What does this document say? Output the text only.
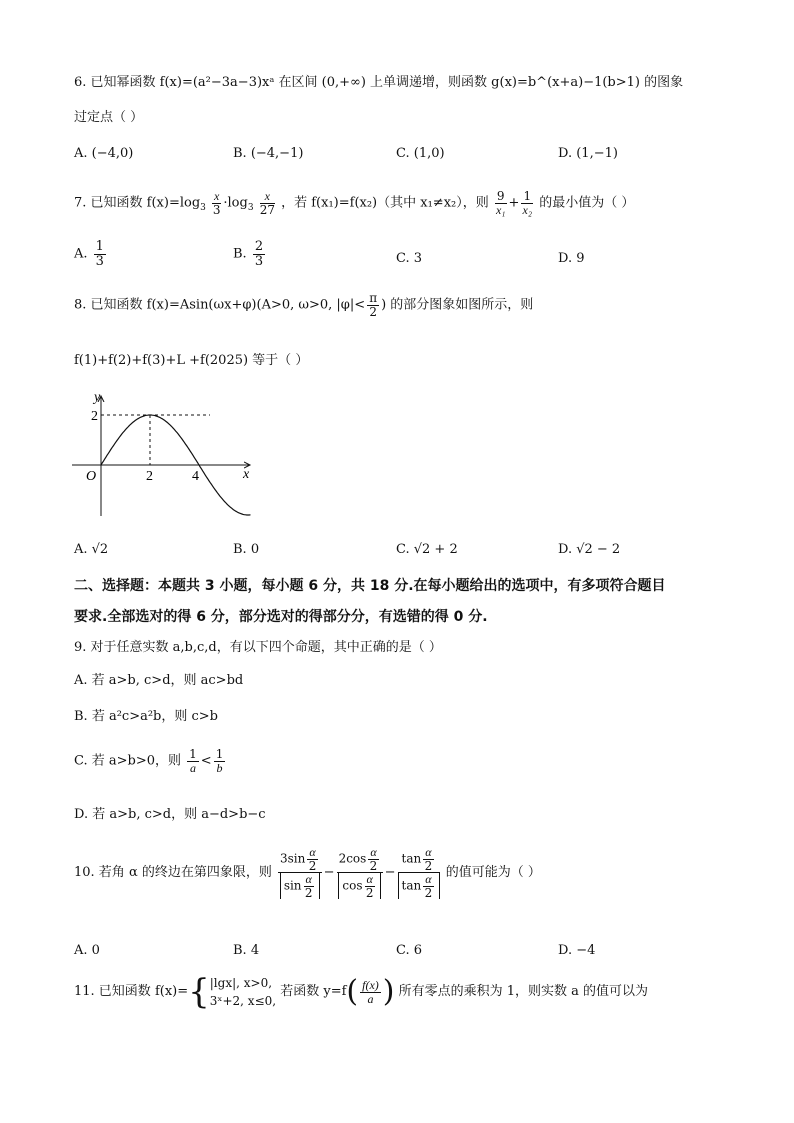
6. 已知幂函数 f(x)=(a²−3a−3)xᵃ 在区间 (0,+∞) 上单调递增，则函数 g(x)=b^(x+a)−1(b>1) 的图象
过定点（ ）
A. (−4,0)	B. (−4,−1)	C. (1,0)	D. (1,−1)
7. 已知函数 $f(x)=\log_3 \frac{x}{3} \cdot\log_3 \frac{x}{27}$ ，若 f(x₁)=f(x₂)（其中 x₁≠x₂），则 $\frac{9}{\text{x₁}} + \frac{1}{\text{x₂}}$ 的最小值为（ ）
A. $\frac{1}{3}$	B. $\frac{2}{3}$	C. 3	D. 9
8. 已知函数 f(x)=Asin(ωx+φ)(A>0, ω>0, $|\varphi|< \frac{\pi}{2}$ ) 的部分图象如图所示，则
f(1)+f(2)+f(3)+L +f(2025) 等于（ ）
y
x
O
2
2	4
A. √2	B. 0	C. √2 + 2	D. √2 − 2
二、选择题：本题共 3 小题，每小题 6 分，共 18 分.在每小题给出的选项中，有多项符合题目
要求.全部选对的得 6 分，部分选对的得部分分，有选错的得 0 分.
9. 对于任意实数 a,b,c,d，有以下四个命题，其中正确的是（ ）
A. 若 a>b, c>d，则 ac>bd
B. 若 a²c>a²b，则 c>b
C. 若 a>b>0，则 $\frac{1}{a} < \frac{1}{b}$
D. 若 a>b, c>d，则 a−d>b−c
10. 若角 α 的终边在第四象限，则 $\frac{3\sin \frac{\alpha}{2}}{\sin \frac{\alpha}{2}} - \frac{2\cos \frac{\alpha}{2}}{\cos \frac{\alpha}{2}} - \frac{\tan \frac{\alpha}{2}}{\tan \frac{\alpha}{2}}$ 的值可能为（ ）
A. 0	B. 4	C. 6	D. −4
11. 已知函数 f(x)={ |lgx|, x>0,
3ˣ+2, x≤0,
若函数 $y=f( \frac{f(x)}{a}$ ) 所有零点的乘积为 1，则实数 a 的值可以为
